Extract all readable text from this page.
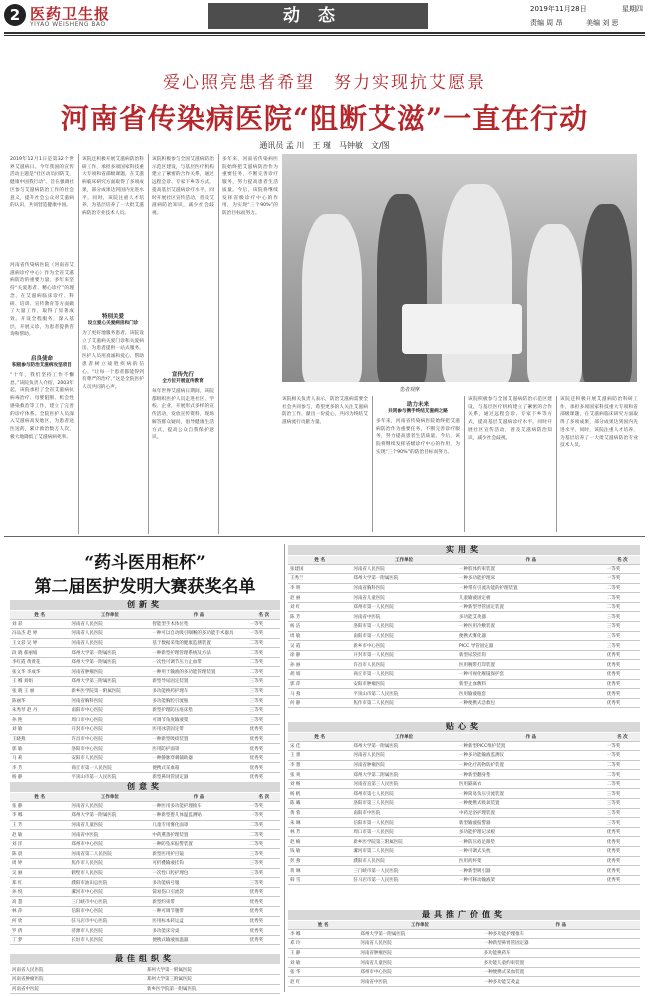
2 医药卫生报
YIYAO WEISHENG BAO	动态	2019年11月28日	星期四
责编 周 昂	美编 刘 思
爱心照亮患者希望　努力实现抗艾愿景
河南省传染病医院“阻断艾滋”一直在行动
通讯员 孟 川　王 瑾　马钟敏　文/图
2019年12月1日是第32个世界艾滋病日。今年我国的宣传活动主题是“社区动员同防艾，健康中国我行动”。旨在强调社区参与艾滋病防治工作的社会意义，提升社会公众对艾滋病的认识，共同营造健康中国。
河南省传染病医院（河南省艾滋病诊疗中心）作为全省艾滋病防治的重要力量，多年来坚持“关爱患者、精心诊疗”的理念，在艾滋病临床诊疗、科研、培训、宣传教育等方面做了大量工作，取得了显著成效。开设全程服务，深入基层，开展义诊，为患者提供咨询和帮助。
启良使命
积极参与防治艾滋病攻坚项目
“十年，我们坚持工作不懈怠。”该院负责人介绍，2003年起，该院承担了全省艾滋病抗病毒治疗、母婴阻断、机会性感染救治等工作，建立了完善的诊疗体系。全院医护人员深入艾滋病高发地区，为患者送医送药，累计救治数万人次，极大地降低了艾滋病病死率。
该院还积极开展艾滋病防治科研工作，承担多项国家科技重大专项和省部级课题，在艾滋病临床研究方面取得了多项成果，部分成果达到国内先进水平。同时，该院注重人才培养，为基层培养了一大批艾滋病防治专业技术人员。
特别关爱
设立爱心关爱病房和门诊
为了更好地服务患者，该院设立了艾滋病关爱门诊和关爱病房，为患者提供一站式服务。医护人员用真诚和爱心，帮助患者树立战胜疾病的信心。“让每一个患者都能得到有尊严的治疗。”这是全院医护人员共同的心声。
该院积极参与全国艾滋病防治示范区建设，与基层医疗机构建立了紧密的合作关系，通过远程会诊、专家下乡等方式，提高基层艾滋病诊疗水平。同时开展社区宣传活动，普及艾滋病防治知识，减少社会歧视。
宣传先行
全方位开展宣传教育
每年世界艾滋病日期间，该院都组织医护人员走进社区、学校、企业，开展形式多样的宣传活动，发放宣传资料，现场解答群众疑问，倡导健康生活方式，提高公众自我保护意识。
多年来，河南省传染病医院始终把艾滋病防治作为重要任务，不断完善诊疗服务，努力提高患者生活质量。今后，该院将继续发挥省级诊疗中心的作用，为实现“三个90%”的防治目标而努力。
患者观摩
该院相关负责人表示，防治艾滋病需要全社会共同参与，希望更多的人关注艾滋病防治工作，献出一份爱心，共同为终结艾滋病流行贡献力量。
助力未来
共同参与携手终结艾滋病之路
多年来，河南省传染病医院始终把艾滋病防治作为重要任务，不断完善诊疗服务，努力提高患者生活质量。今后，该院将继续发挥省级诊疗中心的作用，为实现“三个90%”的防治目标而努力。
该院积极参与全国艾滋病防治示范区建设，与基层医疗机构建立了紧密的合作关系，通过远程会诊、专家下乡等方式，提高基层艾滋病诊疗水平。同时开展社区宣传活动，普及艾滋病防治知识，减少社会歧视。
该院还积极开展艾滋病防治科研工作，承担多项国家科技重大专项和省部级课题，在艾滋病临床研究方面取得了多项成果，部分成果达到国内先进水平。同时，该院注重人才培养，为基层培养了一大批艾滋病防治专业技术人员。
“药斗医用柜杯”
第二届医护发明大赛获奖名单
创新奖
姓 名	工作单位	作 品	名 次
刘 彩	河南省人民医院	智能型手术体位垫	一等奖
冯品杰 赵 婷	河南省人民医院	一种可以自动吸引咽喉的多功能手术器具	一等奖
王文彩 吴 婷	河南省人民医院	基于数据采集的健康监测装置	二等奖
段 晓 郝丽娟	郑州大学第一附属医院	一种新型护理管理系统及方法	二等奖
李红霞 黄黄花	郑州大学第一附属医院	一次性可调节压力止血带	二等奖
张文华 李成华	河南省肿瘤医院	一种用于输液的多功能管理装置	二等奖
王 娜 刘娟	郑州大学第三附属医院	新型导尿固定装置	三等奖
张 晓 王 丽	新乡医学院第一附属医院	多功能换药护理车	三等奖
陈丽华	河南省胸科医院	多功能胸腔引流瓶	三等奖
朱秀琴 赵 丹	南阳市中心医院	新型护理防压疮床垫	三等奖
孙 艳	周口市中心医院	可调节角度输液架	三等奖
刘 敏	开封市中心医院	医用冰袋固定带	优秀奖
王晓燕	许昌市中心医院	一种新型吸痰装置	优秀奖
郭 敏	洛阳市中心医院	医用防护面罩	优秀奖
马 莉	安阳市人民医院	一种静脉穿刺辅助器	优秀奖
李 芳	商丘市第一人民医院	便携式采血箱	优秀奖
杨 静	平顶山市第一人民医院	新型鼻饲管固定器	优秀奖
创意奖
姓 名	工作单位	作 品	名 次
张 静	河南省人民医院	一种医用多功能护理推车	一等奖
李 娜	郑州大学第一附属医院	一种新型婴儿体温监测贴	一等奖
王 芳	河南省儿童医院	儿童专用雾化面罩	二等奖
赵 敏	河南省中医院	中药熏蒸护理装置	二等奖
刘 洋	郑州市中心医院	一种防坠床报警装置	二等奖
陈 晨	河南省第二人民医院	新型医用护目镜	三等奖
周 婷	焦作市人民医院	可折叠输液挂钩	三等奖
吴 丽	鹤壁市人民医院	一次性口腔护理包	三等奖
郑 红	濮阳市油田总医院	多功能病号服	三等奖
孙 悦	漯河市中心医院	简易伤口引流袋	优秀奖
高 慧	三门峡市中心医院	新型约束带	优秀奖
林 萍	信阳市中心医院	一种可调节腹带	优秀奖
何 欣	驻马店市中心医院	医用标本转运盒	优秀奖
罗 倩	济源市人民医院	多功能床旁桌	优秀奖
丁 梦	长垣市人民医院	便携式输液加温器	优秀奖
最佳组织奖
河南省人民医院	郑州大学第一附属医院
河南省肿瘤医院	郑州大学第三附属医院
河南省中医院	新乡医学院第一附属医院
实用奖
姓 名	工作单位	作 品	名 次
张建国	河南省人民医院	一种肢体约束装置	一等奖
王秀兰	郑州大学第一附属医院	一种多功能护理床	一等奖
李 明	河南省胸科医院	一种带有引流功能的护理装置	二等奖
赵 丽	河南省儿童医院	儿童输液固定板	二等奖
刘 红	郑州市第一人民医院	一种新型导管固定装置	二等奖
陈 芳	河南省中医院	多功能艾灸器	三等奖
杨 洁	洛阳市第一人民医院	一种医用冷敷装置	三等奖
周 敏	南阳市第一人民医院	便携式雾化器	三等奖
吴 霞	新乡市中心医院	PICC 导管固定器	三等奖
徐 静	开封市第一人民医院	新型尿袋挂钩	优秀奖
孙 丽	许昌市人民医院	医用腕带打印装置	优秀奖
胡 娟	商丘市第一人民医院	一种可视化喉镜保护套	优秀奖
郭 萍	安阳市肿瘤医院	新型止血敷料	优秀奖
马 燕	平顶山市第二人民医院	医用输液瓶套	优秀奖
何 静	焦作市第二人民医院	一种便携式急救包	优秀奖
贴心奖
姓 名	工作单位	作 品	名 次
宋 佳	郑州大学第一附属医院	一种新型PICC维护装置	一等奖
王 蕾	河南省人民医院	一种多功能输液监测仪	一等奖
李 想	河南省肿瘤医院	一种化疗药物防护装置	二等奖
张 爽	郑州大学第二附属医院	一种新型翻身垫	二等奖
刘 畅	河南省直第三人民医院	医用隔离衣	二等奖
杨 帆	郑州市第七人民医院	一种简易负压引流装置	三等奖
陈 曦	洛阳市第三人民医院	一种便携式吸氧装置	三等奖
黄 蓉	南阳市中医院	中药足浴护理装置	三等奖
朱 琳	信阳市第一人民医院	新型输液报警器	三等奖
林 芳	周口市第一人民医院	多功能护理记录板	优秀奖
赵 楠	新乡医学院第三附属医院	一种防压疮足跟垫	优秀奖
钱 敏	漯河市第二人民医院	一种可调式头枕	优秀奖
彭 燕	濮阳市人民医院	医用药杯架	优秀奖
蒋 琳	三门峡市第一人民医院	一种新型吸引器	优秀奖
韩 雪	驻马店市第一人民医院	一种可移动输液架	优秀奖
最具推广价值奖
姓 名	工作单位	作 品
李 娜	郑州大学第一附属医院	一种多功能护理推车
邓 玲	河南省人民医院	一种新型鼻胃管固定器
王 静	河南省肿瘤医院	多功能换药车
刘 敏	河南省儿童医院	多功能儿童约束装置
张 华	郑州市中心医院	一种便携式采血装置
赵 红	河南省中医院	一种多功能艾灸盒
